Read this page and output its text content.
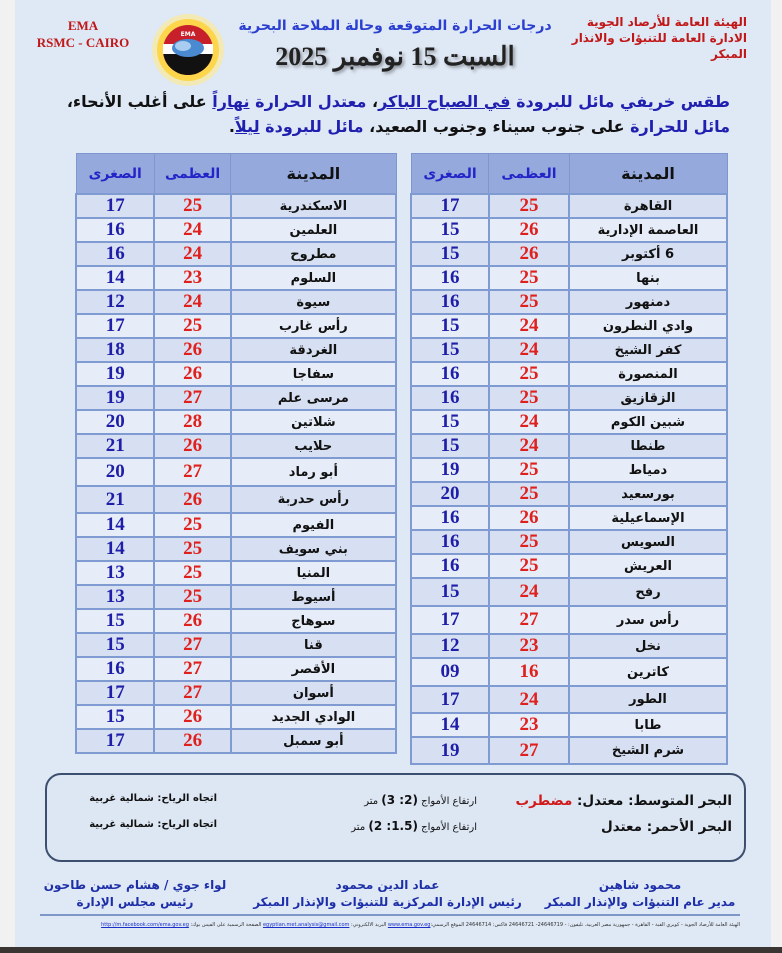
الهيئة العامة للأرصاد الجوية
الادارة العامة للتنبؤات والانذار المبكر
EMA
RSMC - CAIRO
EMA
درجات الحرارة المتوقعة وحالة الملاحة البحرية
السبت 15 نوفمبر 2025
طقس خريفي مائل للبرودة في الصباح الباكر، معتدل الحرارة نهاراً على أغلب الأنحاء، مائل للحرارة على جنوب سيناء وجنوب الصعيد، مائل للبرودة ليلاً.
المدينة	العظمى	الصغرى
القاهرة	25	17
العاصمة الإدارية	26	15
6 أكتوبر	26	15
بنها	25	16
دمنهور	25	16
وادي النطرون	24	15
كفر الشيخ	24	15
المنصورة	25	16
الزقازيق	25	16
شبين الكوم	24	15
طنطا	24	15
دمياط	25	19
بورسعيد	25	20
الإسماعيلية	26	16
السويس	25	16
العريش	25	16
رفح	24	15
رأس سدر	27	17
نخل	23	12
كاترين	16	09
الطور	24	17
طابا	23	14
شرم الشيخ	27	19
المدينة	العظمى	الصغرى
الاسكندرية	25	17
العلمين	24	16
مطروح	24	16
السلوم	23	14
سيوة	24	12
رأس غارب	25	17
الغردقة	26	18
سفاجا	26	19
مرسى علم	27	19
شلاتين	28	20
حلايب	26	21
أبو رماد	27	20
رأس حدربة	26	21
الفيوم	25	14
بني سويف	25	14
المنيا	25	13
أسيوط	25	13
سوهاج	26	15
قنا	27	15
الأقصر	27	16
أسوان	27	17
الوادي الجديد	26	15
أبو سمبل	26	17
البحر المتوسط: معتدل: مضطرب
ارتفاع الأمواج (2: 3) متر
اتجاه الرياح: شمالية غربية
البحر الأحمر: معتدل
ارتفاع الأمواج (1.5: 2) متر
اتجاه الرياح: شمالية غربية
محمود شاهين
مدير عام التنبؤات والإنذار المبكر
عماد الدين محمود
رئيس الإدارة المركزية للتنبؤات والإنذار المبكر
لواء جوي / هشام حسن طاحون
رئيس مجلس الإدارة
الهيئة العامة للأرصاد الجوية - كوبري القبة - القاهرة - جمهورية مصر العربية. تليفون: - 24646719- 24646721 فاكس: 24646714 الموقع الرسمي:www.ema.gov.eg البريد الالكتروني: egyptian.met.analysis@gmail.com الصفحة الرسمية على الفيس بوك: http://m.facebook.com/ema.gov.eg
